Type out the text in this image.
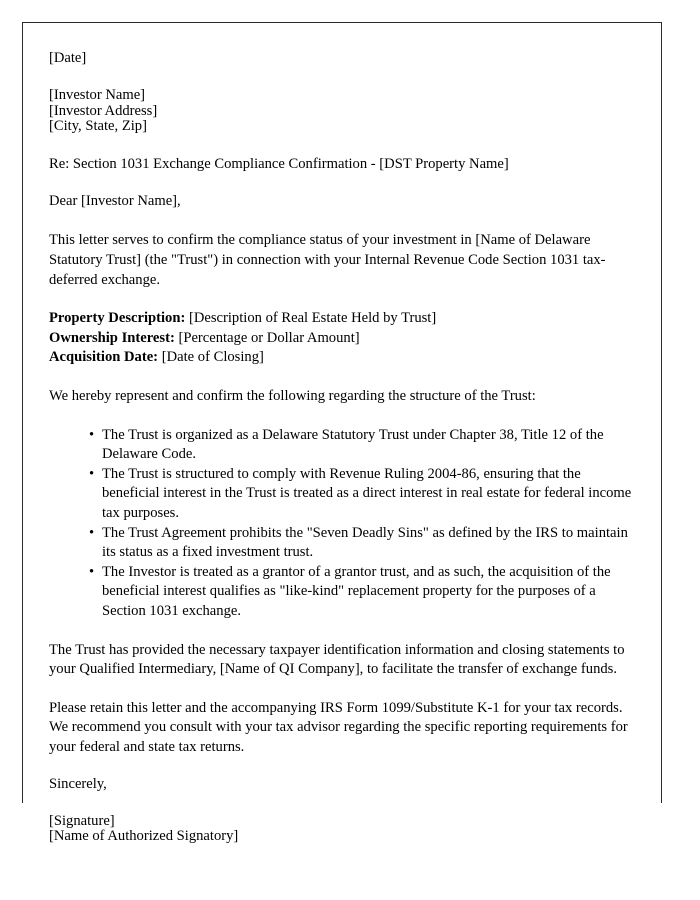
[Date]
[Investor Name]
[Investor Address]
[City, State, Zip]
Re: Section 1031 Exchange Compliance Confirmation - [DST Property Name]
Dear [Investor Name],

This letter serves to confirm the compliance status of your investment in [Name of Delaware Statutory Trust] (the "Trust") in connection with your Internal Revenue Code Section 1031 tax-deferred exchange.

Property Description: [Description of Real Estate Held by Trust]
Ownership Interest: [Percentage or Dollar Amount]
Acquisition Date: [Date of Closing]

We hereby represent and confirm the following regarding the structure of the Trust:

• The Trust is organized as a Delaware Statutory Trust under Chapter 38, Title 12 of the Delaware Code.
• The Trust is structured to comply with Revenue Ruling 2004-86, ensuring that the beneficial interest in the Trust is treated as a direct interest in real estate for federal income tax purposes.
• The Trust Agreement prohibits the "Seven Deadly Sins" as defined by the IRS to maintain its status as a fixed investment trust.
• The Investor is treated as a grantor of a grantor trust, and as such, the acquisition of the beneficial interest qualifies as "like-kind" replacement property for the purposes of a Section 1031 exchange.

The Trust has provided the necessary taxpayer identification information and closing statements to your Qualified Intermediary, [Name of QI Company], to facilitate the transfer of exchange funds.

Please retain this letter and the accompanying IRS Form 1099/Substitute K-1 for your tax records. We recommend you consult with your tax advisor regarding the specific reporting requirements for your federal and state tax returns.

Sincerely,
[Signature]
[Name of Authorized Signatory]
